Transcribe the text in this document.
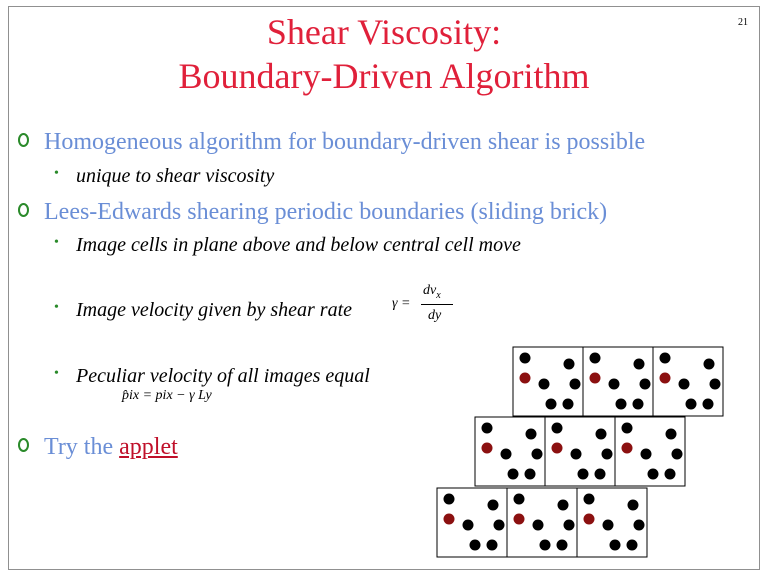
Shear Viscosity:
Boundary-Driven Algorithm
21
Homogeneous algorithm for boundary-driven shear is possible
• unique to shear viscosity
Lees-Edwards shearing periodic boundaries (sliding brick)
• Image cells in plane above and below central cell move
• Image velocity given by shear rate	γ =
$dv_x$
dy
• Peculiar velocity of all images equal
p̂ix = pix − γ Ly
Try the applet
